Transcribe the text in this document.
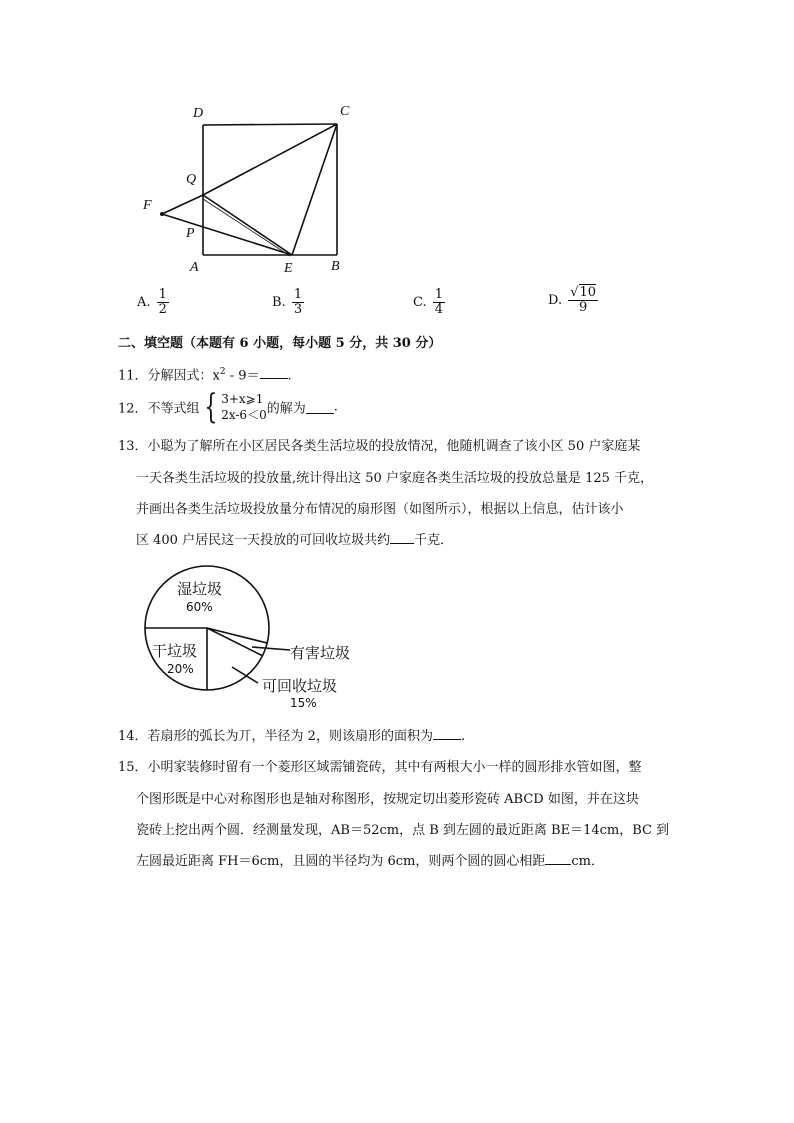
D	C
Q
F
P
A	E	B
A. $\frac{1}{2}$	B. $\frac{1}{3}$	C. $\frac{1}{4}$	D. $\frac{√10}{9}$
二、填空题（本题有 6 小题，每小题 5 分，共 30 分）
11．分解因式：$x^2 - 9=$ .
12．不等式组 { 3+x⩾1
2x-6＜0 的解为 .
13．小聪为了解所在小区居民各类生活垃圾的投放情况，他随机调查了该小区 50 户家庭某
一天各类生活垃圾的投放量,统计得出这 50 户家庭各类生活垃圾的投放总量是 125 千克，
并画出各类生活垃圾投放量分布情况的扇形图（如图所示），根据以上信息，估计该小
区 400 户居民这一天投放的可回收垃圾共约 千克．
湿垃圾
60%
干垃圾
20%
有害垃圾
可回收垃圾
15%
14．若扇形的弧长为丌，半径为 2，则该扇形的面积为 .
15．小明家装修时留有一个菱形区域需铺瓷砖，其中有两根大小一样的圆形排水管如图，整
个图形既是中心对称图形也是轴对称图形，按规定切出菱形瓷砖 ABCD 如图，并在这块
瓷砖上挖出两个圆．经测量发现，AB＝52cm，点 B 到左圆的最近距离 BE＝14cm，BC 到
左圆最近距离 FH＝6cm，且圆的半径均为 6cm，则两个圆的圆心相距 cm．
